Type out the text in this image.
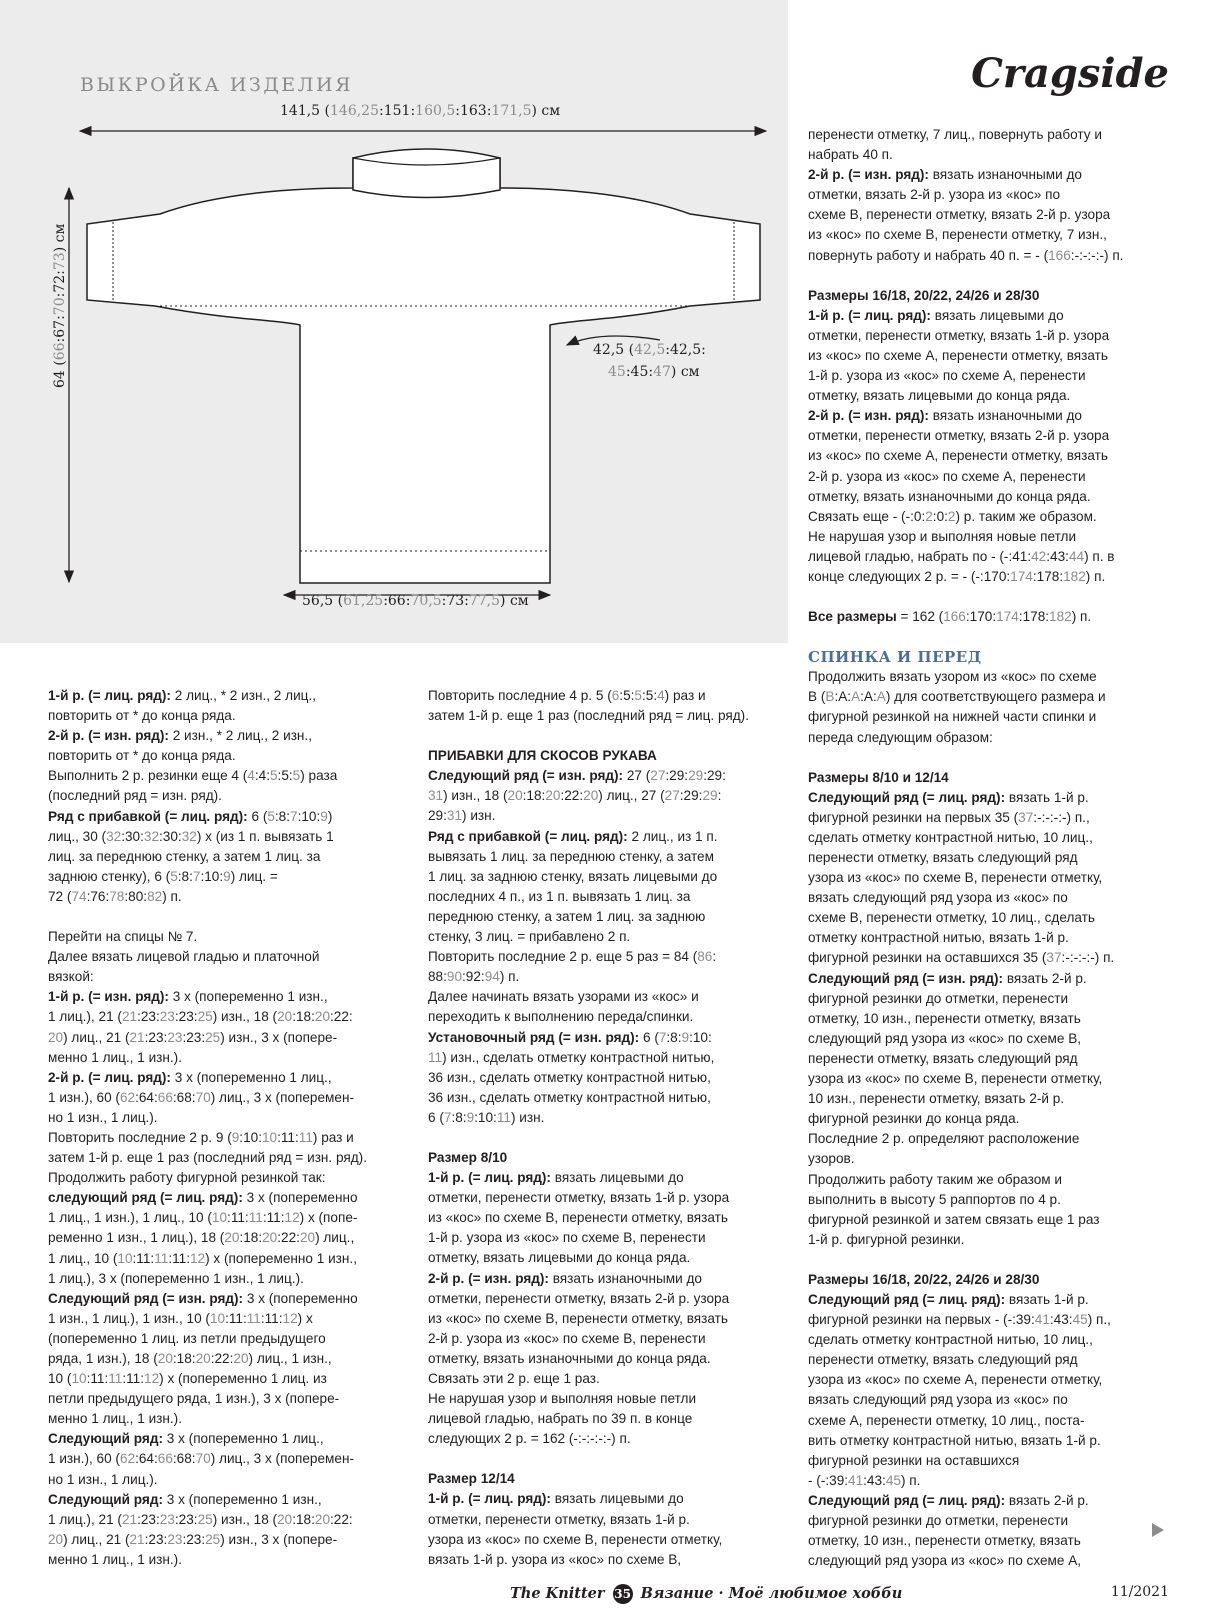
ВЫКРОЙКА ИЗДЕЛИЯ
141,5 (146,25:151:160,5:163:171,5) см
64 (66:67:70:72:73) см
42,5 (42,5:42,5:
45:45:47) см
56,5 (61,25:66:70,5:73:77,5) см
Cragside

перенести отметку, 7 лиц., повернуть работу и

набрать 40 п.

2-й р. (= изн. ряд): вязать изнаночными до

отметки, вязать 2-й р. узора из «кос» по

схеме В, перенести отметку, вязать 2-й р. узора

из «кос» по схеме В, перенести отметку, 7 изн.,

повернуть работу и набрать 40 п. = - (166:-:-:-:-) п.

Размеры 16/18, 20/22, 24/26 и 28/30

1-й р. (= лиц. ряд): вязать лицевыми до

отметки, перенести отметку, вязать 1-й р. узора

из «кос» по схеме А, перенести отметку, вязать

1-й р. узора из «кос» по схеме А, перенести

отметку, вязать лицевыми до конца ряда.

2-й р. (= изн. ряд): вязать изнаночными до

отметки, перенести отметку, вязать 2-й р. узора

из «кос» по схеме А, перенести отметку, вязать

2-й р. узора из «кос» по схеме А, перенести

отметку, вязать изнаночными до конца ряда.

Связать еще - (-:0:2:0:2) р. таким же образом.

Не нарушая узор и выполняя новые петли

лицевой гладью, набрать по - (-:41:42:43:44) п. в

конце следующих 2 р. = - (-:170:174:178:182) п.

Все размеры = 162 (166:170:174:178:182) п.

СПИНКА И ПЕРЕД

Продолжить вязать узором из «кос» по схеме

В (В:А:А:А:А) для соответствующего размера и

фигурной резинкой на нижней части спинки и

переда следующим образом:

Размеры 8/10 и 12/14

Следующий ряд (= лиц. ряд): вязать 1-й р.

фигурной резинки на первых 35 (37:-:-:-:-) п.,

сделать отметку контрастной нитью, 10 лиц.,

перенести отметку, вязать следующий ряд

узора из «кос» по схеме В, перенести отметку,

вязать следующий ряд узора из «кос» по

схеме В, перенести отметку, 10 лиц., сделать

отметку контрастной нитью, вязать 1-й р.

фигурной резинки на оставшихся 35 (37:-:-:-:-) п.

Следующий ряд (= изн. ряд): вязать 2-й р.

фигурной резинки до отметки, перенести

отметку, 10 изн., перенести отметку, вязать

следующий ряд узора из «кос» по схеме В,

перенести отметку, вязать следующий ряд

узора из «кос» по схеме В, перенести отметку,

10 изн., перенести отметку, вязать 2-й р.

фигурной резинки до конца ряда.

Последние 2 р. определяют расположение

узоров.

Продолжить работу таким же образом и

выполнить в высоту 5 раппортов по 4 р.

фигурной резинкой и затем связать еще 1 раз

1-й р. фигурной резинки.

Размеры 16/18, 20/22, 24/26 и 28/30

Следующий ряд (= лиц. ряд): вязать 1-й р.

фигурной резинки на первых - (-:39:41:43:45) п.,

сделать отметку контрастной нитью, 10 лиц.,

перенести отметку, вязать следующий ряд

узора из «кос» по схеме А, перенести отметку,

вязать следующий ряд узора из «кос» по

схеме А, перенести отметку, 10 лиц., поста-

вить отметку контрастной нитью, вязать 1-й р.

фигурной резинки на оставшихся

- (-:39:41:43:45) п.

Следующий ряд (= лиц. ряд): вязать 2-й р.

фигурной резинки до отметки, перенести

отметку, 10 изн., перенести отметку, вязать

следующий ряд узора из «кос» по схеме А,

1-й р. (= лиц. ряд): 2 лиц., * 2 изн., 2 лиц.,

повторить от * до конца ряда.

2-й р. (= изн. ряд): 2 изн., * 2 лиц., 2 изн.,

повторить от * до конца ряда.

Выполнить 2 р. резинки еще 4 (4:4:5:5:5) раза

(последний ряд = изн. ряд).

Ряд с прибавкой (= лиц. ряд): 6 (5:8:7:10:9)

лиц., 30 (32:30:32:30:32) x (из 1 п. вывязать 1

лиц. за переднюю стенку, а затем 1 лиц. за

заднюю стенку), 6 (5:8:7:10:9) лиц. =

72 (74:76:78:80:82) п.

Перейти на спицы № 7.

Далее вязать лицевой гладью и платочной

вязкой:

1-й р. (= изн. ряд): 3 x (попеременно 1 изн.,

1 лиц.), 21 (21:23:23:23:25) изн., 18 (20:18:20:22:

20) лиц., 21 (21:23:23:23:25) изн., 3 x (попере-

менно 1 лиц., 1 изн.).

2-й р. (= лиц. ряд): 3 x (попеременно 1 лиц.,

1 изн.), 60 (62:64:66:68:70) лиц., 3 x (поперемен-

но 1 изн., 1 лиц.).

Повторить последние 2 р. 9 (9:10:10:11:11) раз и

затем 1-й р. еще 1 раз (последний ряд = изн. ряд).

Продолжить работу фигурной резинкой так:

следующий ряд (= лиц. ряд): 3 x (попеременно

1 лиц., 1 изн.), 1 лиц., 10 (10:11:11:11:12) x (попе-

ременно 1 изн., 1 лиц.), 18 (20:18:20:22:20) лиц.,

1 лиц., 10 (10:11:11:11:12) x (попеременно 1 изн.,

1 лиц.), 3 x (попеременно 1 изн., 1 лиц.).

Следующий ряд (= изн. ряд): 3 x (попеременно

1 изн., 1 лиц.), 1 изн., 10 (10:11:11:11:12) x

(попеременно 1 лиц. из петли предыдущего

ряда, 1 изн.), 18 (20:18:20:22:20) лиц., 1 изн.,

10 (10:11:11:11:12) x (попеременно 1 лиц. из

петли предыдущего ряда, 1 изн.), 3 x (попере-

менно 1 лиц., 1 изн.).

Следующий ряд: 3 x (попеременно 1 лиц.,

1 изн.), 60 (62:64:66:68:70) лиц., 3 x (поперемен-

но 1 изн., 1 лиц.).

Следующий ряд: 3 x (попеременно 1 изн.,

1 лиц.), 21 (21:23:23:23:25) изн., 18 (20:18:20:22:

20) лиц., 21 (21:23:23:23:25) изн., 3 x (попере-

менно 1 лиц., 1 изн.).

Повторить последние 4 р. 5 (6:5:5:5:4) раз и

затем 1-й р. еще 1 раз (последний ряд = лиц. ряд).

ПРИБАВКИ ДЛЯ СКОСОВ РУКАВА

Следующий ряд (= изн. ряд): 27 (27:29:29:29:

31) изн., 18 (20:18:20:22:20) лиц., 27 (27:29:29:

29:31) изн.

Ряд с прибавкой (= лиц. ряд): 2 лиц., из 1 п.

вывязать 1 лиц. за переднюю стенку, а затем

1 лиц. за заднюю стенку, вязать лицевыми до

последних 4 п., из 1 п. вывязать 1 лиц. за

переднюю стенку, а затем 1 лиц. за заднюю

стенку, 3 лиц. = прибавлено 2 п.

Повторить последние 2 р. еще 5 раз = 84 (86:

88:90:92:94) п.

Далее начинать вязать узорами из «кос» и

переходить к выполнению переда/спинки.

Установочный ряд (= изн. ряд): 6 (7:8:9:10:

11) изн., сделать отметку контрастной нитью,

36 изн., сделать отметку контрастной нитью,

36 изн., сделать отметку контрастной нитью,

6 (7:8:9:10:11) изн.

Размер 8/10

1-й р. (= лиц. ряд): вязать лицевыми до

отметки, перенести отметку, вязать 1-й р. узора

из «кос» по схеме В, перенести отметку, вязать

1-й р. узора из «кос» по схеме В, перенести

отметку, вязать лицевыми до конца ряда.

2-й р. (= изн. ряд): вязать изнаночными до

отметки, перенести отметку, вязать 2-й р. узора

из «кос» по схеме В, перенести отметку, вязать

2-й р. узора из «кос» по схеме В, перенести

отметку, вязать изнаночными до конца ряда.

Связать эти 2 р. еще 1 раз.

Не нарушая узор и выполняя новые петли

лицевой гладью, набрать по 39 п. в конце

следующих 2 р. = 162 (-:-:-:-:-) п.

Размер 12/14

1-й р. (= лиц. ряд): вязать лицевыми до

отметки, перенести отметку, вязать 1-й р.

узора из «кос» по схеме В, перенести отметку,

вязать 1-й р. узора из «кос» по схеме В,

The Knitter 35 Вязание · Моё любимое хобби	11/2021
